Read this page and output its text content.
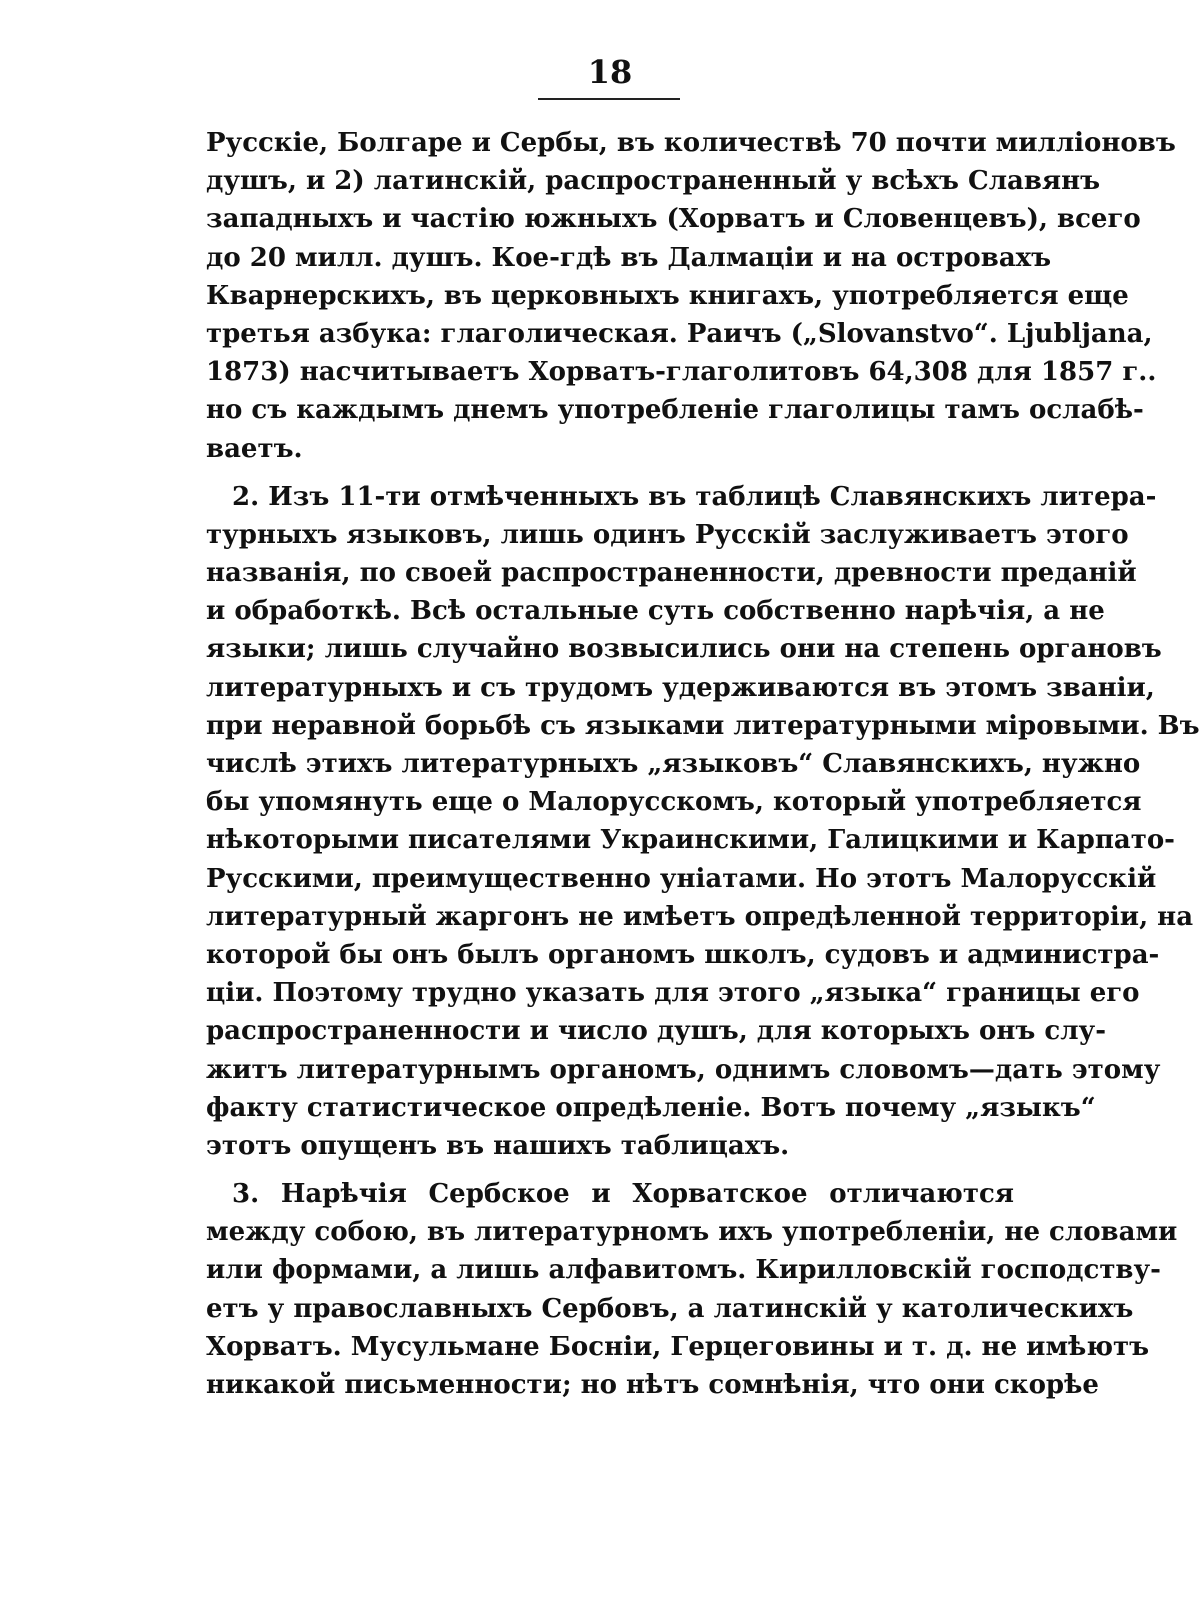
18
Русскіе, Болгаре и Сербы, въ количествѣ 70 почти милліоновъ
душъ, и 2) латинскій, распространенный у всѣхъ Славянъ
западныхъ и частію южныхъ (Хорватъ и Словенцевъ), всего
до 20 милл. душъ. Кое-гдѣ въ Далмаціи и на островахъ
Кварнерскихъ, въ церковныхъ книгахъ, употребляется еще
третья азбука: глаголическая. Раичъ („Slovanstvo“. Ljubljana,
1873) насчитываетъ Хорватъ-глаголитовъ 64,308 для 1857 г..
но съ каждымъ днемъ употребленіе глаголицы тамъ ослабѣ-
ваетъ.
2. Изъ 11-ти отмѣченныхъ въ таблицѣ Славянскихъ литера-
турныхъ языковъ, лишь одинъ Русскій заслуживаетъ этого
названія, по своей распространенности, древности преданій
и обработкѣ. Всѣ остальные суть собственно нарѣчія, а не
языки; лишь случайно возвысились они на степень органовъ
литературныхъ и съ трудомъ удерживаются въ этомъ званіи,
при неравной борьбѣ съ языками литературными міровыми. Въ
числѣ этихъ литературныхъ „языковъ“ Славянскихъ, нужно
бы упомянуть еще о Малорусскомъ, который употребляется
нѣкоторыми писателями Украинскими, Галицкими и Карпато-
Русскими, преимущественно уніатами. Но этотъ Малорусскій
литературный жаргонъ не имѣетъ опредѣленной территоріи, на
которой бы онъ былъ органомъ школъ, судовъ и администра-
ціи. Поэтому трудно указать для этого „языка“ границы его
распространенности и число душъ, для которыхъ онъ слу-
житъ литературнымъ органомъ, однимъ словомъ—дать этому
факту статистическое опредѣленіе. Вотъ почему „языкъ“
этотъ опущенъ въ нашихъ таблицахъ.
3. Нарѣчія Сербское и Хорватское отличаются
между собою, въ литературномъ ихъ употребленіи, не словами
или формами, а лишь алфавитомъ. Кирилловскій господству-
етъ у православныхъ Сербовъ, а латинскій у католическихъ
Хорватъ. Мусульмане Босніи, Герцеговины и т. д. не имѣютъ
никакой письменности; но нѣтъ сомнѣнія, что они скорѣе
